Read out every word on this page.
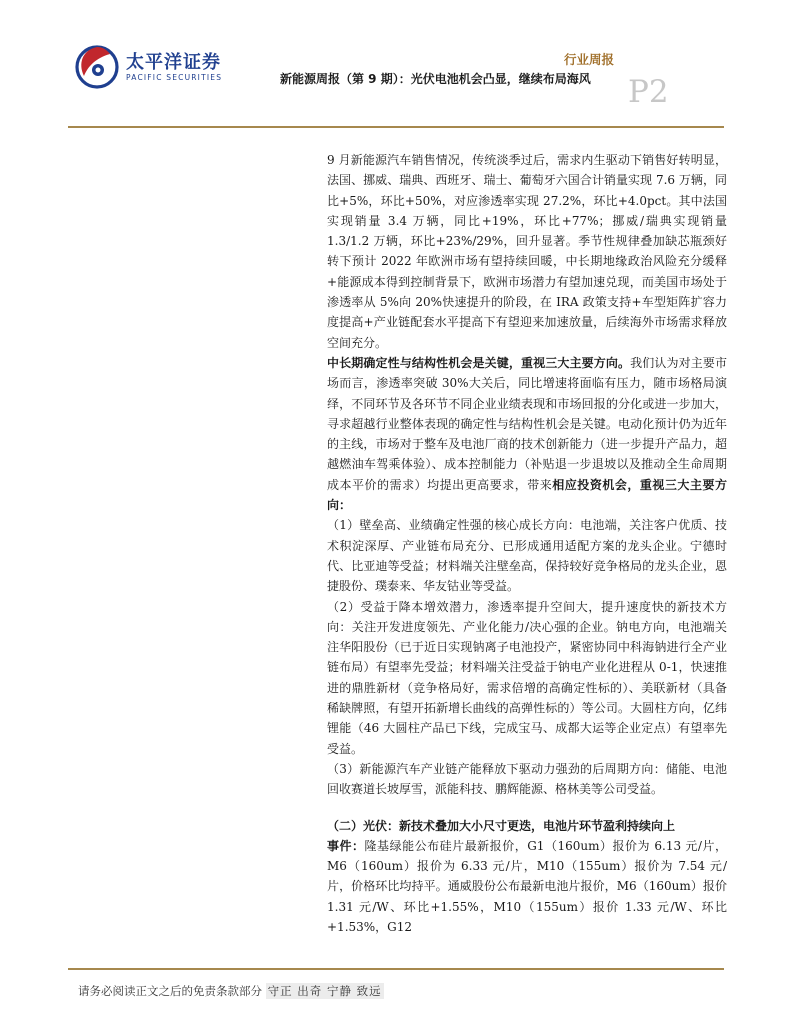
太平洋证券
PACIFIC SECURITIES
行业周报
新能源周报（第 9 期）：光伏电池机会凸显，继续布局海风 P2

9 月新能源汽车销售情况，传统淡季过后，需求内生驱动下销售好转明显，法国、挪威、瑞典、西班牙、瑞士、葡萄牙六国合计销量实现 7.6 万辆，同比+5%，环比+50%，对应渗透率实现 27.2%，环比+4.0pct。其中法国实现销量 3.4 万辆，同比+19%，环比+77%；挪威/瑞典实现销量 1.3/1.2 万辆，环比+23%/29%，回升显著。季节性规律叠加缺芯瓶颈好转下预计 2022 年欧洲市场有望持续回暖，中长期地缘政治风险充分缓释+能源成本得到控制背景下，欧洲市场潜力有望加速兑现，而美国市场处于渗透率从 5%向 20%快速提升的阶段，在 IRA 政策支持+车型矩阵扩容力度提高+产业链配套水平提高下有望迎来加速放量，后续海外市场需求释放空间充分。

中长期确定性与结构性机会是关键，重视三大主要方向。我们认为对主要市场而言，渗透率突破 30%大关后，同比增速将面临有压力，随市场格局演绎，不同环节及各环节不同企业业绩表现和市场回报的分化或进一步加大，寻求超越行业整体表现的确定性与结构性机会是关键。电动化预计仍为近年的主线，市场对于整车及电池厂商的技术创新能力（进一步提升产品力，超越燃油车驾乘体验）、成本控制能力（补贴退一步退坡以及推动全生命周期成本平价的需求）均提出更高要求，带来相应投资机会，重视三大主要方向：

（1）壁垒高、业绩确定性强的核心成长方向：电池端，关注客户优质、技术积淀深厚、产业链布局充分、已形成通用适配方案的龙头企业。宁德时代、比亚迪等受益；材料端关注壁垒高，保持较好竞争格局的龙头企业，恩捷股份、璞泰来、华友钴业等受益。

（2）受益于降本增效潜力，渗透率提升空间大，提升速度快的新技术方向：关注开发进度领先、产业化能力/决心强的企业。钠电方向，电池端关注华阳股份（已于近日实现钠离子电池投产，紧密协同中科海钠进行全产业链布局）有望率先受益；材料端关注受益于钠电产业化进程从 0-1，快速推进的鼎胜新材（竞争格局好，需求倍增的高确定性标的）、美联新材（具备稀缺牌照，有望开拓新增长曲线的高弹性标的）等公司。大圆柱方向，亿纬锂能（46 大圆柱产品已下线，完成宝马、成都大运等企业定点）有望率先受益。

（3）新能源汽车产业链产能释放下驱动力强劲的后周期方向：储能、电池回收赛道长坡厚雪，派能科技、鹏辉能源、格林美等公司受益。

（二）光伏：新技术叠加大小尺寸更迭，电池片环节盈利持续向上

事件：隆基绿能公布硅片最新报价，G1（160um）报价为 6.13 元/片，M6（160um）报价为 6.33 元/片，M10（155um）报价为 7.54 元/片，价格环比均持平。通威股份公布最新电池片报价，M6（160um）报价 1.31 元/W、环比+1.55%，M10（155um）报价 1.33 元/W、环比+1.53%，G12

请务必阅读正文之后的免责条款部分 守正 出奇 宁静 致远
